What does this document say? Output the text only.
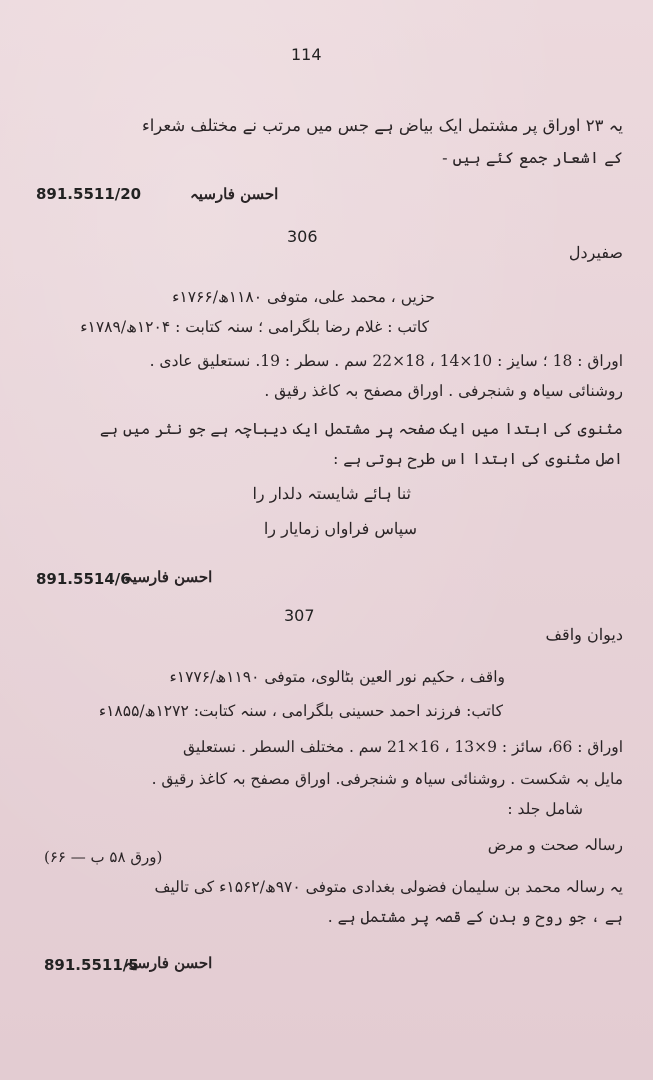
114
یہ ۲۳ اوراق پر مشتمل ایک بیاض ہے جس میں مرتب نے مختلف شعراء
کے اشعار جمع کئے ہیں -
احسن فارسیہ
891.5511/20
306
صفیردل
حزیں ، محمد علی، متوفی ۱۱۸۰ھ/۱۷۶۶ء
کاتب : غلام رضا بلگرامی ؛ سنہ کتابت : ۱۲۰۴ھ/۱۷۸۹ء
اوراق : 18 ؛ سایز : 10×14 ، 18×22 سم . سطر : 19. نستعلیق عادی .
روشنائی سیاہ و شنجرفی . اوراق مصفح بہ کاغذ رقیق .
مثنوی کی ابتدا میں ایک صفحہ پر مشتمل ایک دیباچہ ہے جو نثر میں ہے
اصل مثنوی کی ابتدا اس طرح ہوتی ہے :
ثنا ہائے شایستہ دلدار را
سپاس فراواں زمایار را
احسن فارسیہ
891.5514/6
307
دیوان واقف
واقف ، حکیم نور العین بٹالوی، متوفی ۱۱۹۰ھ/۱۷۷۶ء
کاتب: فرزند احمد حسینی بلگرامی ، سنہ کتابت: ۱۲۷۲ھ/۱۸۵۵ء
اوراق : 66، سائز : 9×13 ، 16×21 سم . مختلف السطر . نستعلیق
مایل بہ شکست . روشنائی سیاہ و شنجرفی. اوراق مصفح بہ کاغذ رقیق .
شامل جلد :
رسالہ صحت و مرض
(ورق ۵۸ ب — ۶۶)
یہ رسالہ محمد بن سلیمان فضولی بغدادی متوفی ۹۷۰ھ/۱۵۶۲ء کی تالیف
ہے ، جو روح و بدن کے قصہ پر مشتمل ہے .
احسن فارسیہ
891.5511/5
